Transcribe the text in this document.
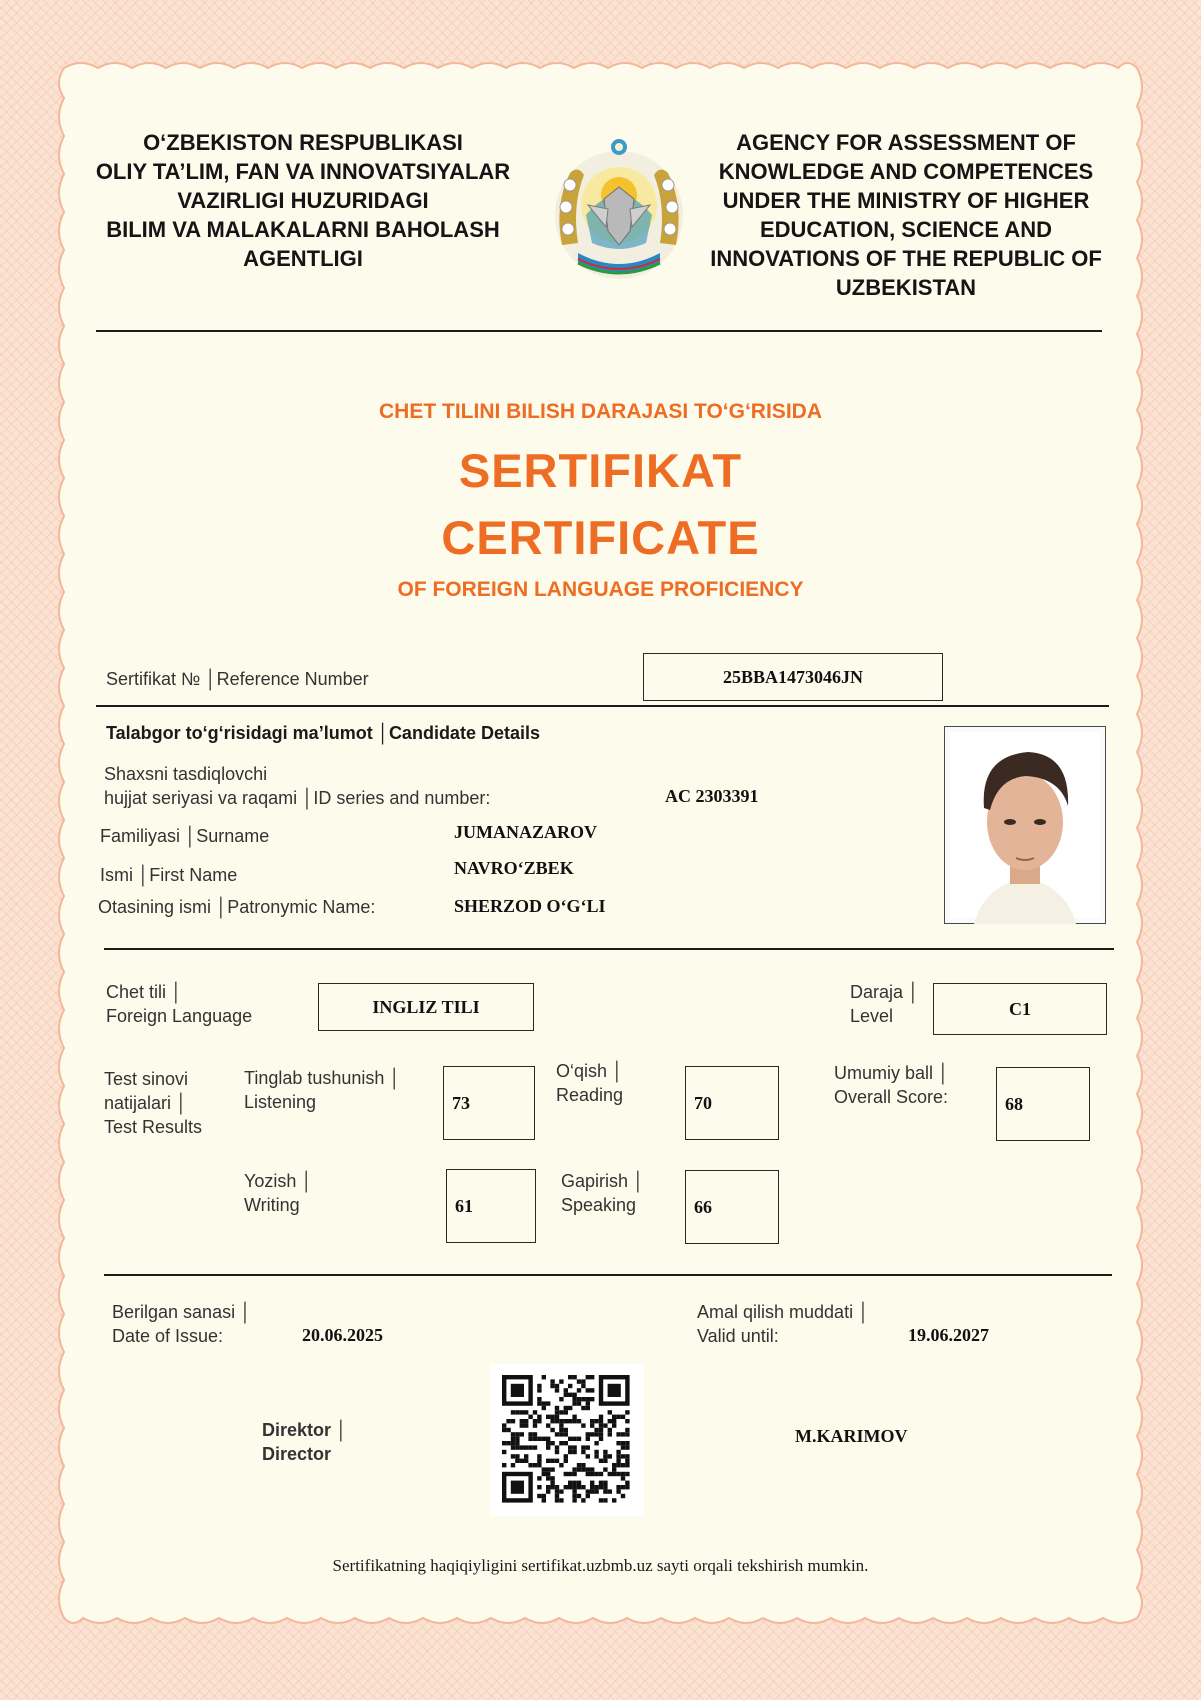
O‘ZBEKISTON RESPUBLIKASI
OLIY TA’LIM, FAN VA INNOVATSIYALAR
VAZIRLIGI HUZURIDAGI
BILIM VA MALAKALARNI BAHOLASH
AGENTLIGI
AGENCY FOR ASSESSMENT OF
KNOWLEDGE AND COMPETENCES
UNDER THE MINISTRY OF HIGHER
EDUCATION, SCIENCE AND
INNOVATIONS OF THE REPUBLIC OF
UZBEKISTAN
CHET TILINI BILISH DARAJASI TO‘G‘RISIDA
SERTIFIKAT
CERTIFICATE
OF FOREIGN LANGUAGE PROFICIENCY
Sertifikat № │Reference Number	25BBA1473046JN
Talabgor to‘g‘risidagi ma’lumot │Candidate Details
Shaxsni tasdiqlovchi
hujjat seriyasi va raqami │ID series and number:	AC 2303391
Familiyasi │Surname	JUMANAZAROV
Ismi │First Name	NAVRO‘ZBEK
Otasining ismi │Patronymic Name:	SHERZOD O‘G‘LI
Chet tili │
Foreign Language	INGLIZ TILI
Daraja │
Level	C1
Test sinovi
natijalari │
Test Results
Tinglab tushunish │
Listening	73
O‘qish │
Reading	70
Umumiy ball │
Overall Score:	68
Yozish │
Writing	61
Gapirish │
Speaking	66
Berilgan sanasi │
Date of Issue:	20.06.2025
Amal qilish muddati │
Valid until:	19.06.2027
Direktor │
Director
M.KARIMOV
Sertifikatning haqiqiyligini sertifikat.uzbmb.uz sayti orqali tekshirish mumkin.
